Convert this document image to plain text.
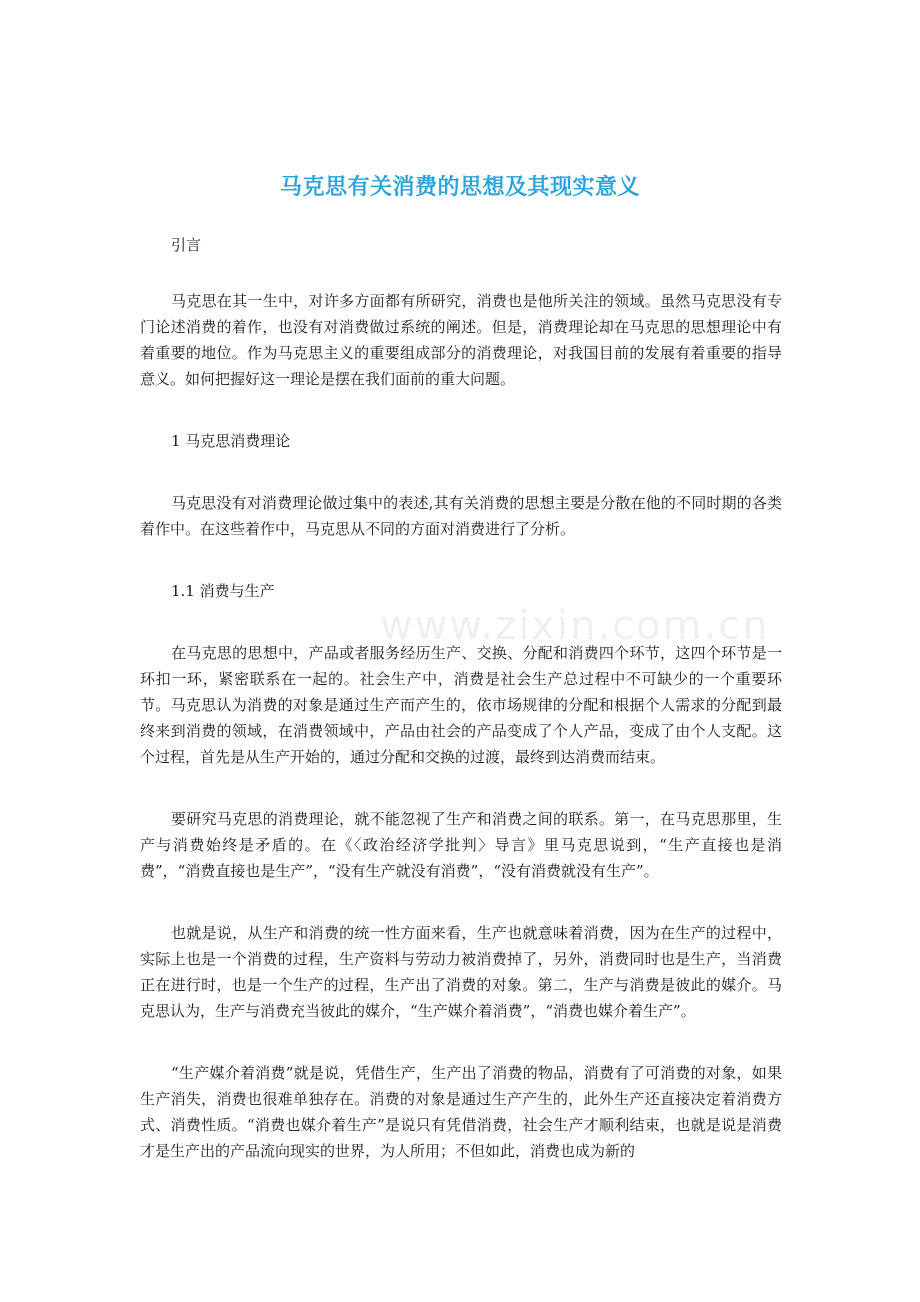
马克思有关消费的思想及其现实意义
www.zixin.com.cn

引言

马克思在其一生中，对许多方面都有所研究，消费也是他所关注的领域。虽然马克思没有专门论述消费的着作，也没有对消费做过系统的阐述。但是，消费理论却在马克思的思想理论中有着重要的地位。作为马克思主义的重要组成部分的消费理论，对我国目前的发展有着重要的指导意义。如何把握好这一理论是摆在我们面前的重大问题。

1 马克思消费理论

马克思没有对消费理论做过集中的表述,其有关消费的思想主要是分散在他的不同时期的各类着作中。在这些着作中，马克思从不同的方面对消费进行了分析。

1.1 消费与生产

在马克思的思想中，产品或者服务经历生产、交换、分配和消费四个环节，这四个环节是一环扣一环，紧密联系在一起的。社会生产中，消费是社会生产总过程中不可缺少的一个重要环节。马克思认为消费的对象是通过生产而产生的，依市场规律的分配和根据个人需求的分配到最终来到消费的领域，在消费领域中，产品由社会的产品变成了个人产品，变成了由个人支配。这个过程，首先是从生产开始的，通过分配和交换的过渡，最终到达消费而结束。

要研究马克思的消费理论，就不能忽视了生产和消费之间的联系。第一，在马克思那里，生产与消费始终是矛盾的。在《〈政治经济学批判〉导言》里马克思说到，“生产直接也是消费”，“消费直接也是生产”，“没有生产就没有消费”，“没有消费就没有生产”。

也就是说，从生产和消费的统一性方面来看，生产也就意味着消费，因为在生产的过程中，实际上也是一个消费的过程，生产资料与劳动力被消费掉了，另外，消费同时也是生产，当消费正在进行时，也是一个生产的过程，生产出了消费的对象。第二，生产与消费是彼此的媒介。马克思认为，生产与消费充当彼此的媒介，“生产媒介着消费”，“消费也媒介着生产”。

“生产媒介着消费”就是说，凭借生产，生产出了消费的物品，消费有了可消费的对象，如果生产消失，消费也很难单独存在。消费的对象是通过生产产生的，此外生产还直接决定着消费方式、消费性质。“消费也媒介着生产”是说只有凭借消费，社会生产才顺利结束，也就是说是消费才是生产出的产品流向现实的世界，为人所用；不但如此，消费也成为新的
